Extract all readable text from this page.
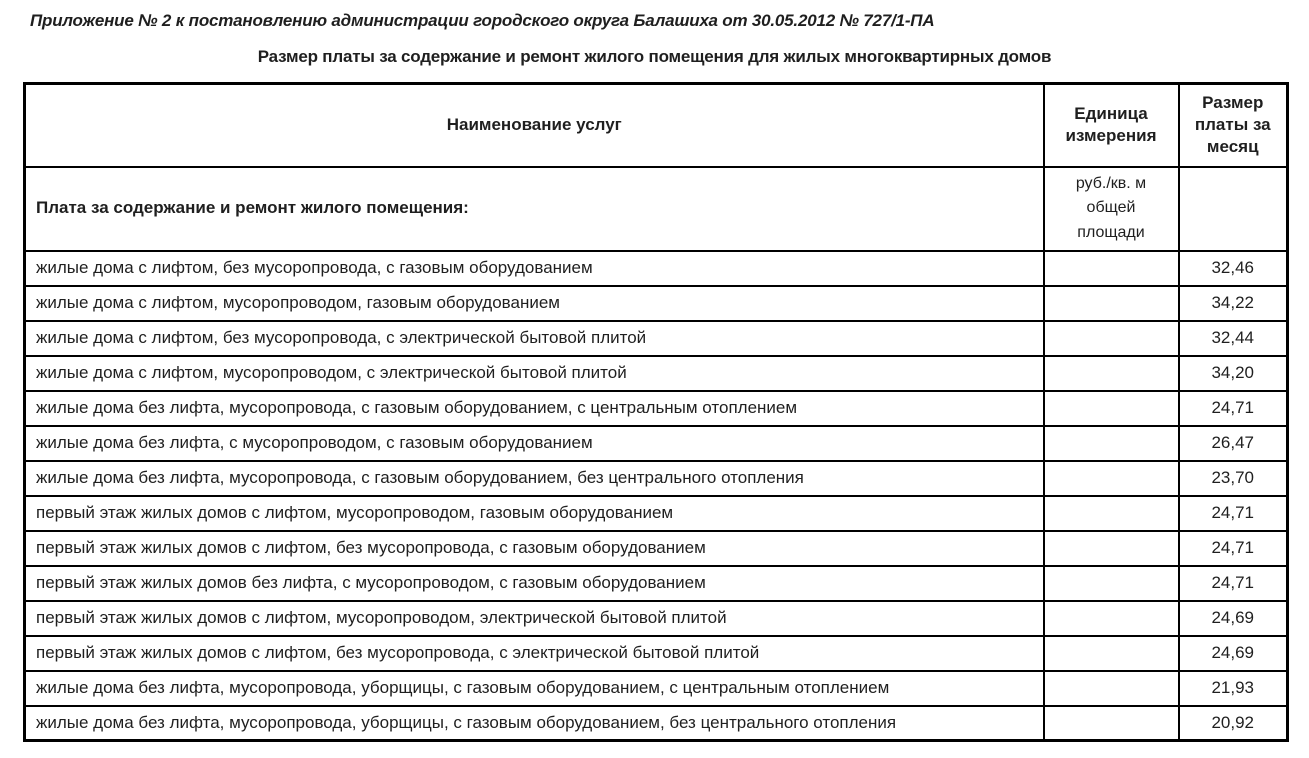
Приложение № 2 к постановлению администрации городского округа Балашиха от 30.05.2012 № 727/1-ПА
Размер платы за содержание и ремонт жилого помещения для жилых многоквартирных домов
Наименование услуг	Единица измерения	Размер платы за месяц
Плата за содержание и ремонт жилого помещения:	руб./кв. м общей площади	
жилые дома с лифтом, без мусоропровода, с газовым оборудованием		32,46
жилые дома с лифтом, мусоропроводом, газовым оборудованием		34,22
жилые дома с лифтом, без мусоропровода, с электрической бытовой плитой		32,44
жилые дома с лифтом, мусоропроводом, с электрической бытовой плитой		34,20
жилые дома без лифта, мусоропровода, с газовым оборудованием, с центральным отоплением		24,71
жилые дома без лифта, с мусоропроводом, с газовым оборудованием		26,47
жилые дома без лифта, мусоропровода, с газовым оборудованием, без центрального отопления		23,70
первый этаж жилых домов с лифтом, мусоропроводом, газовым оборудованием		24,71
первый этаж жилых домов с лифтом, без мусоропровода, с газовым оборудованием		24,71
первый этаж жилых домов без лифта, с мусоропроводом, с газовым оборудованием		24,71
первый этаж жилых домов с лифтом, мусоропроводом, электрической бытовой плитой		24,69
первый этаж жилых домов с лифтом, без мусоропровода, с электрической бытовой плитой		24,69
жилые дома без лифта, мусоропровода, уборщицы, с газовым оборудованием, с центральным отоплением		21,93
жилые дома без лифта, мусоропровода, уборщицы, с газовым оборудованием, без центрального отопления		20,92
